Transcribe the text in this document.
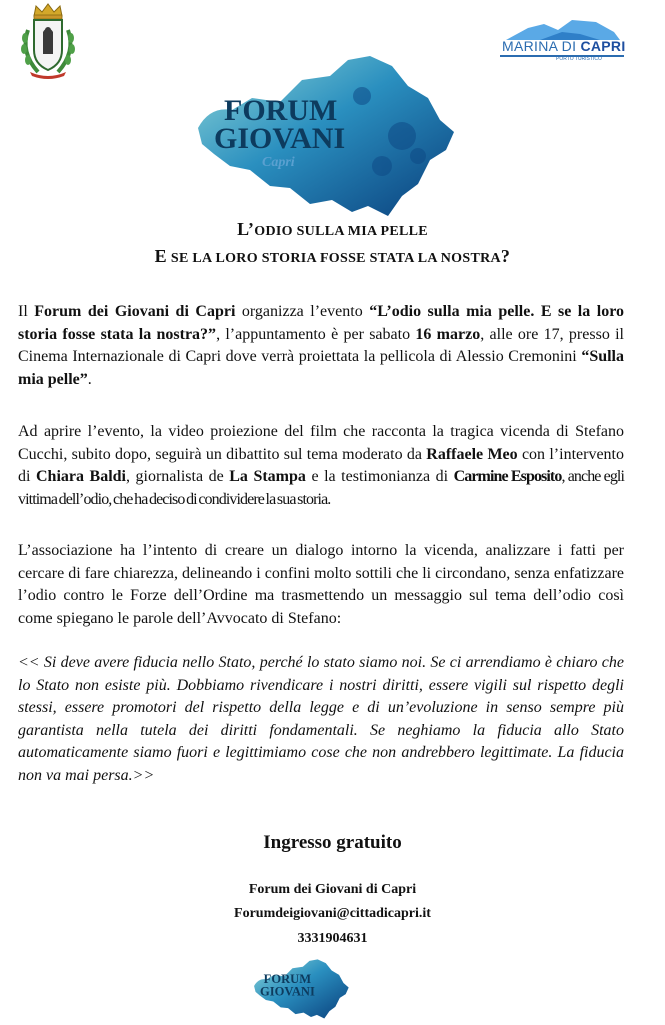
MARINA DI CAPRI
PORTO TURISTICO
FORUM
GIOVANI
Capri
L’ODIO SULLA MIA PELLE
E SE LA LORO STORIA FOSSE STATA LA NOSTRA?
Il Forum dei Giovani di Capri organizza l’evento “L’odio sulla mia pelle. E se la loro storia fosse stata la nostra?”, l’appuntamento è per sabato 16 marzo, alle ore 17, presso il Cinema Internazionale di Capri dove verrà proiettata la pellicola di Alessio Cremonini “Sulla mia pelle”.
Ad aprire l’evento, la video proiezione del film che racconta la tragica vicenda di Stefano Cucchi, subito dopo, seguirà un dibattito sul tema moderato da Raffaele Meo con l’intervento di Chiara Baldi, giornalista de La Stampa e la testimonianza di Carmine Esposito, anche egli vittima dell’odio, che ha deciso di condividere la sua storia.
L’associazione ha l’intento di creare un dialogo intorno la vicenda, analizzare i fatti per cercare di fare chiarezza, delineando i confini molto sottili che li circondano, senza enfatizzare l’odio contro le Forze dell’Ordine ma trasmettendo un messaggio sul tema dell’odio così come spiegano le parole dell’Avvocato di Stefano:
<< Si deve avere fiducia nello Stato, perché lo stato siamo noi. Se ci arrendiamo è chiaro che lo Stato non esiste più. Dobbiamo rivendicare i nostri diritti, essere vigili sul rispetto degli stessi, essere promotori del rispetto della legge e di un’evoluzione in senso sempre più garantista nella tutela dei diritti fondamentali. Se neghiamo la fiducia allo Stato automaticamente siamo fuori e legittimiamo cose che non andrebbero legittimate. La fiducia non va mai persa.>>
Ingresso gratuito
Forum dei Giovani di Capri
Forumdeigiovani@cittadicapri.it
3331904631
FORUM
GIOVANI
